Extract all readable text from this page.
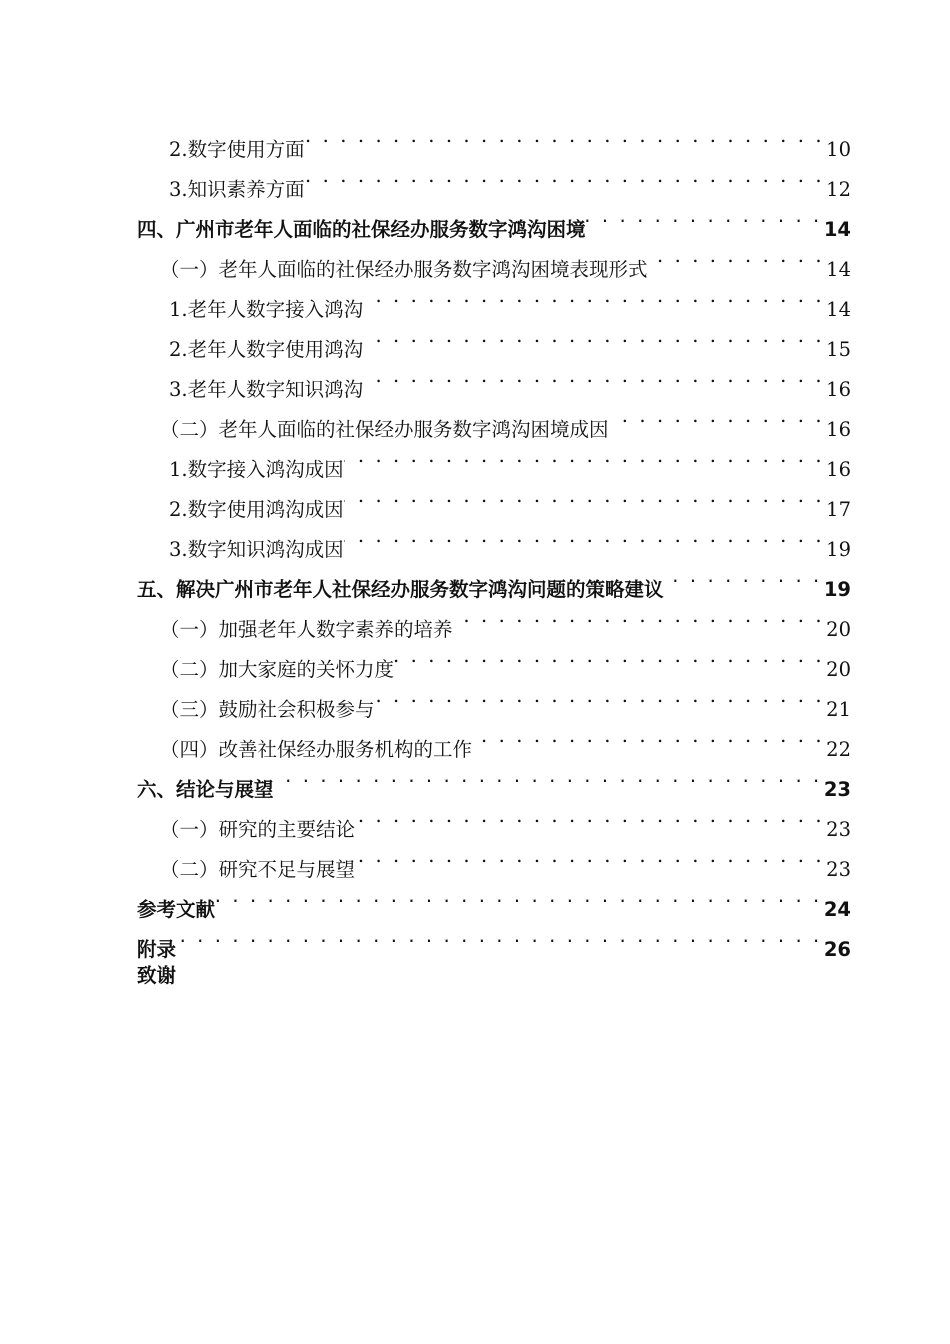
2.数字使用方面 . . .	10
3.知识素养方面 . . .	12
四、广州市老年人面临的社保经办服务数字鸿沟困境 . . .	14
（一）老年人面临的社保经办服务数字鸿沟困境表现形式 . . .	14
1.老年人数字接入鸿沟 . . .	14
2.老年人数字使用鸿沟 . . .	15
3.老年人数字知识鸿沟 . . .	16
（二）老年人面临的社保经办服务数字鸿沟困境成因 . . .	16
1.数字接入鸿沟成因 . . .	16
2.数字使用鸿沟成因 . . .	17
3.数字知识鸿沟成因 . . .	19
五、解决广州市老年人社保经办服务数字鸿沟问题的策略建议 . . .	19
（一）加强老年人数字素养的培养 . . .	20
（二）加大家庭的关怀力度 . . .	20
（三）鼓励社会积极参与 . . .	21
（四）改善社保经办服务机构的工作 . . .	22
六、结论与展望 . . .	23
（一）研究的主要结论 . . .	23
（二）研究不足与展望 . . .	23
参考文献 . . .	24
附录 . . .	26
致谢
